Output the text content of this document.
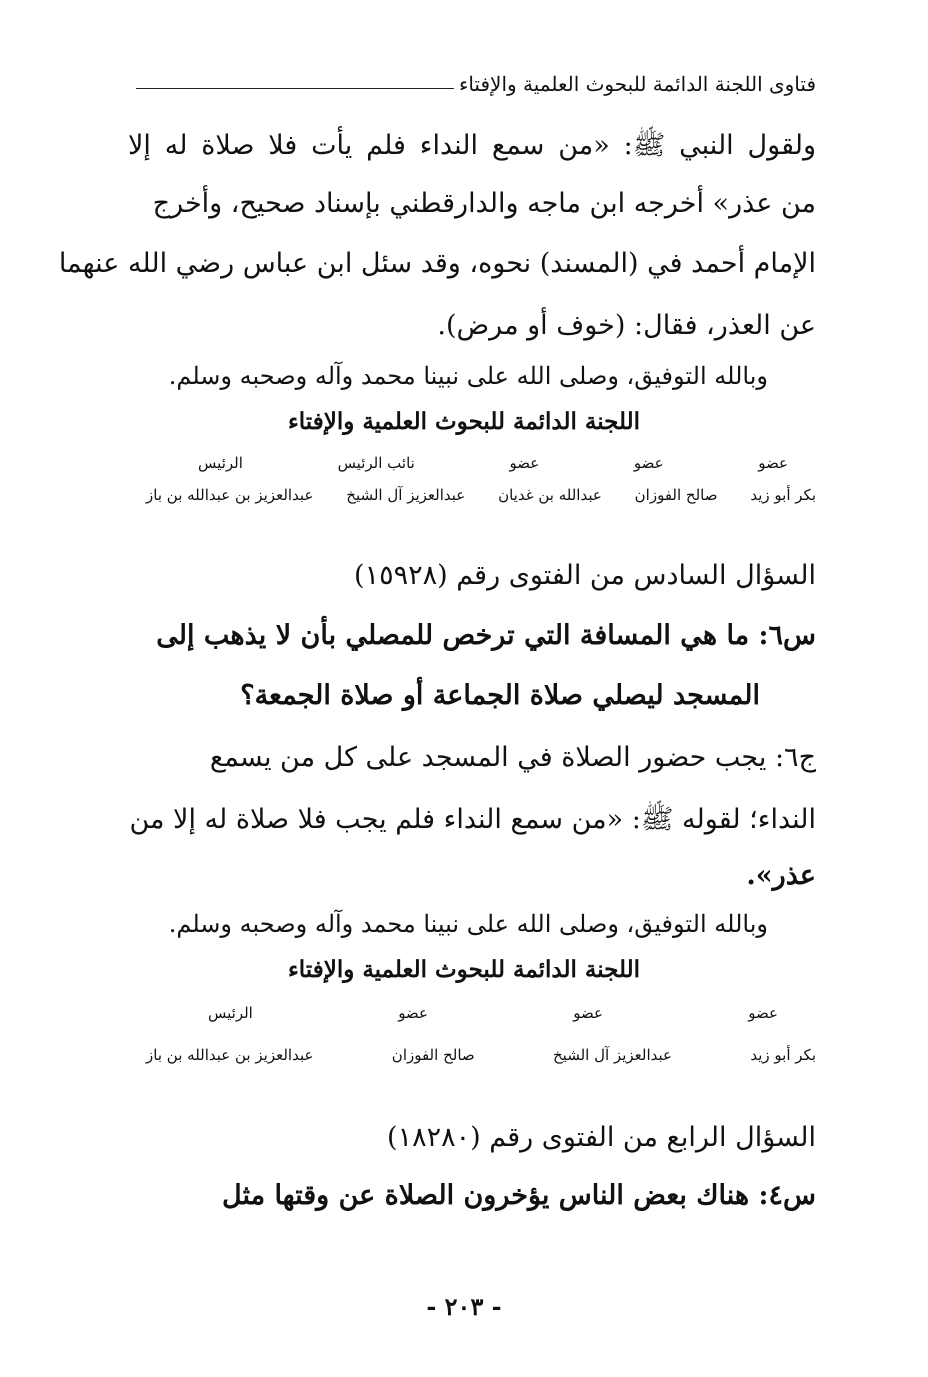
فتاوى اللجنة الدائمة للبحوث العلمية والإفتاء
ولقول النبي ﷺ: «من سمع النداء فلم يأت فلا صلاة له إلا
من عذر» أخرجه ابن ماجه والدارقطني بإسناد صحيح، وأخرج
الإمام أحمد في (المسند) نحوه، وقد سئل ابن عباس رضي الله عنهما
عن العذر، فقال: (خوف أو مرض).
وبالله التوفيق، وصلى الله على نبينا محمد وآله وصحبه وسلم.
اللجنة الدائمة للبحوث العلمية والإفتاء
عضو
عضو
عضو
نائب الرئيس
الرئيس
بكر أبو زيد
صالح الفوزان
عبدالله بن غديان
عبدالعزيز آل الشيخ
عبدالعزيز بن عبدالله بن باز
السؤال السادس من الفتوى رقم (١٥٩٢٨)
س٦: ما هي المسافة التي ترخص للمصلي بأن لا يذهب إلى
المسجد ليصلي صلاة الجماعة أو صلاة الجمعة؟
ج٦: يجب حضور الصلاة في المسجد على كل من يسمع
النداء؛ لقوله ﷺ: «من سمع النداء فلم يجب فلا صلاة له إلا من
عذر».
وبالله التوفيق، وصلى الله على نبينا محمد وآله وصحبه وسلم.
اللجنة الدائمة للبحوث العلمية والإفتاء
عضو
عضو
عضو
الرئيس
بكر أبو زيد
عبدالعزيز آل الشيخ
صالح الفوزان
عبدالعزيز بن عبدالله بن باز
السؤال الرابع من الفتوى رقم (١٨٢٨٠)
س٤: هناك بعض الناس يؤخرون الصلاة عن وقتها مثل
- ٢٠٣ -
